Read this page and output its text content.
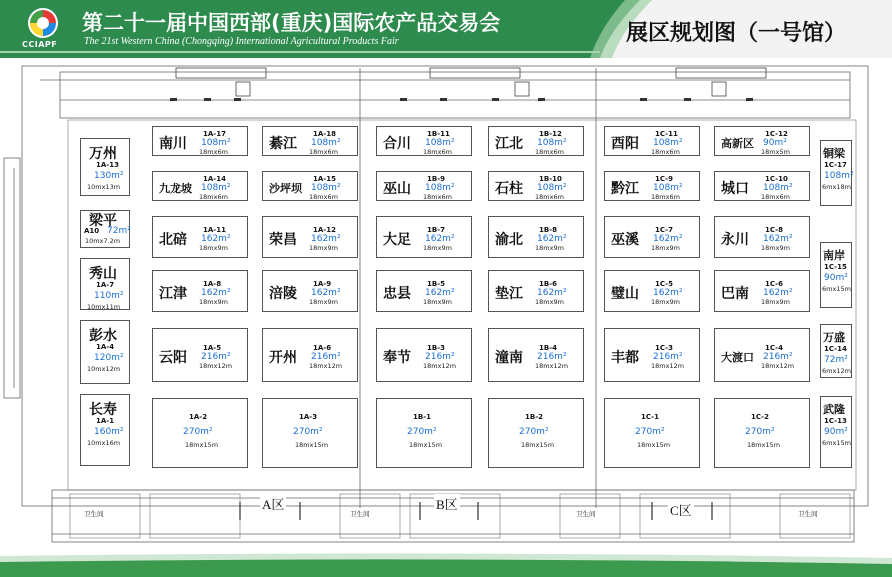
CCIAPF
第二十一届中国西部(重庆)国际农产品交易会
The 21st Western China (Chongqing) International Agricultural Products Fair	展区规划图（一号馆）
A区	B区	C区
卫生间	卫生间	卫生间	卫生间
南川
1A-17
108m²
18mx6m	綦江
1A-18
108m²
18mx6m	合川
1B-11
108m²
18mx6m	江北
1B-12
108m²
18mx6m	酉阳
1C-11
108m²
18mx6m
高新区
1C-12
90m²
18mx5m
九龙坡
1A-14
108m²
18mx6m
沙坪坝
1A-15
108m²
18mx6m	巫山
1B-9
108m²
18mx6m	石柱
1B-10
108m²
18mx6m	黔江
1C-9
108m²
18mx6m	城口
1C-10
108m²
18mx6m
北碚
1A-11
162m²
18mx9m	荣昌
1A-12
162m²
18mx9m	大足
1B-7
162m²
18mx9m	渝北
1B-8
162m²
18mx9m	巫溪
1C-7
162m²
18mx9m	永川
1C-8
162m²
18mx9m
江津
1A-8
162m²
18mx9m	涪陵
1A-9
162m²
18mx9m	忠县
1B-5
162m²
18mx9m	垫江
1B-6
162m²
18mx9m	璧山
1C-5
162m²
18mx9m	巴南
1C-6
162m²
18mx9m
云阳
1A-5
216m²
18mx12m	开州
1A-6
216m²
18mx12m	奉节
1B-3
216m²
18mx12m	潼南
1B-4
216m²
18mx12m	丰都
1C-3
216m²
18mx12m
大渡口
1C-4
216m²
18mx12m
1A-2
270m²
18mx15m
1A-3
270m²
18mx15m
1B-1
270m²
18mx15m
1B-2
270m²
18mx15m
1C-1
270m²
18mx15m
1C-2
270m²
18mx15m
万州
1A-13
130m²
10mx13m
梁平
A10 72m²
10mx7.2m
秀山
1A-7
110m²
10mx11m
彭水
1A-4
120m²
10mx12m
长寿
1A-1
160m²
10mx16m
铜梁
1C-17
108m²
6mx18m
南岸
1C-15
90m²
6mx15m
万盛
1C-14
72m²
6mx12m
武隆
1C-13
90m²
6mx15m
